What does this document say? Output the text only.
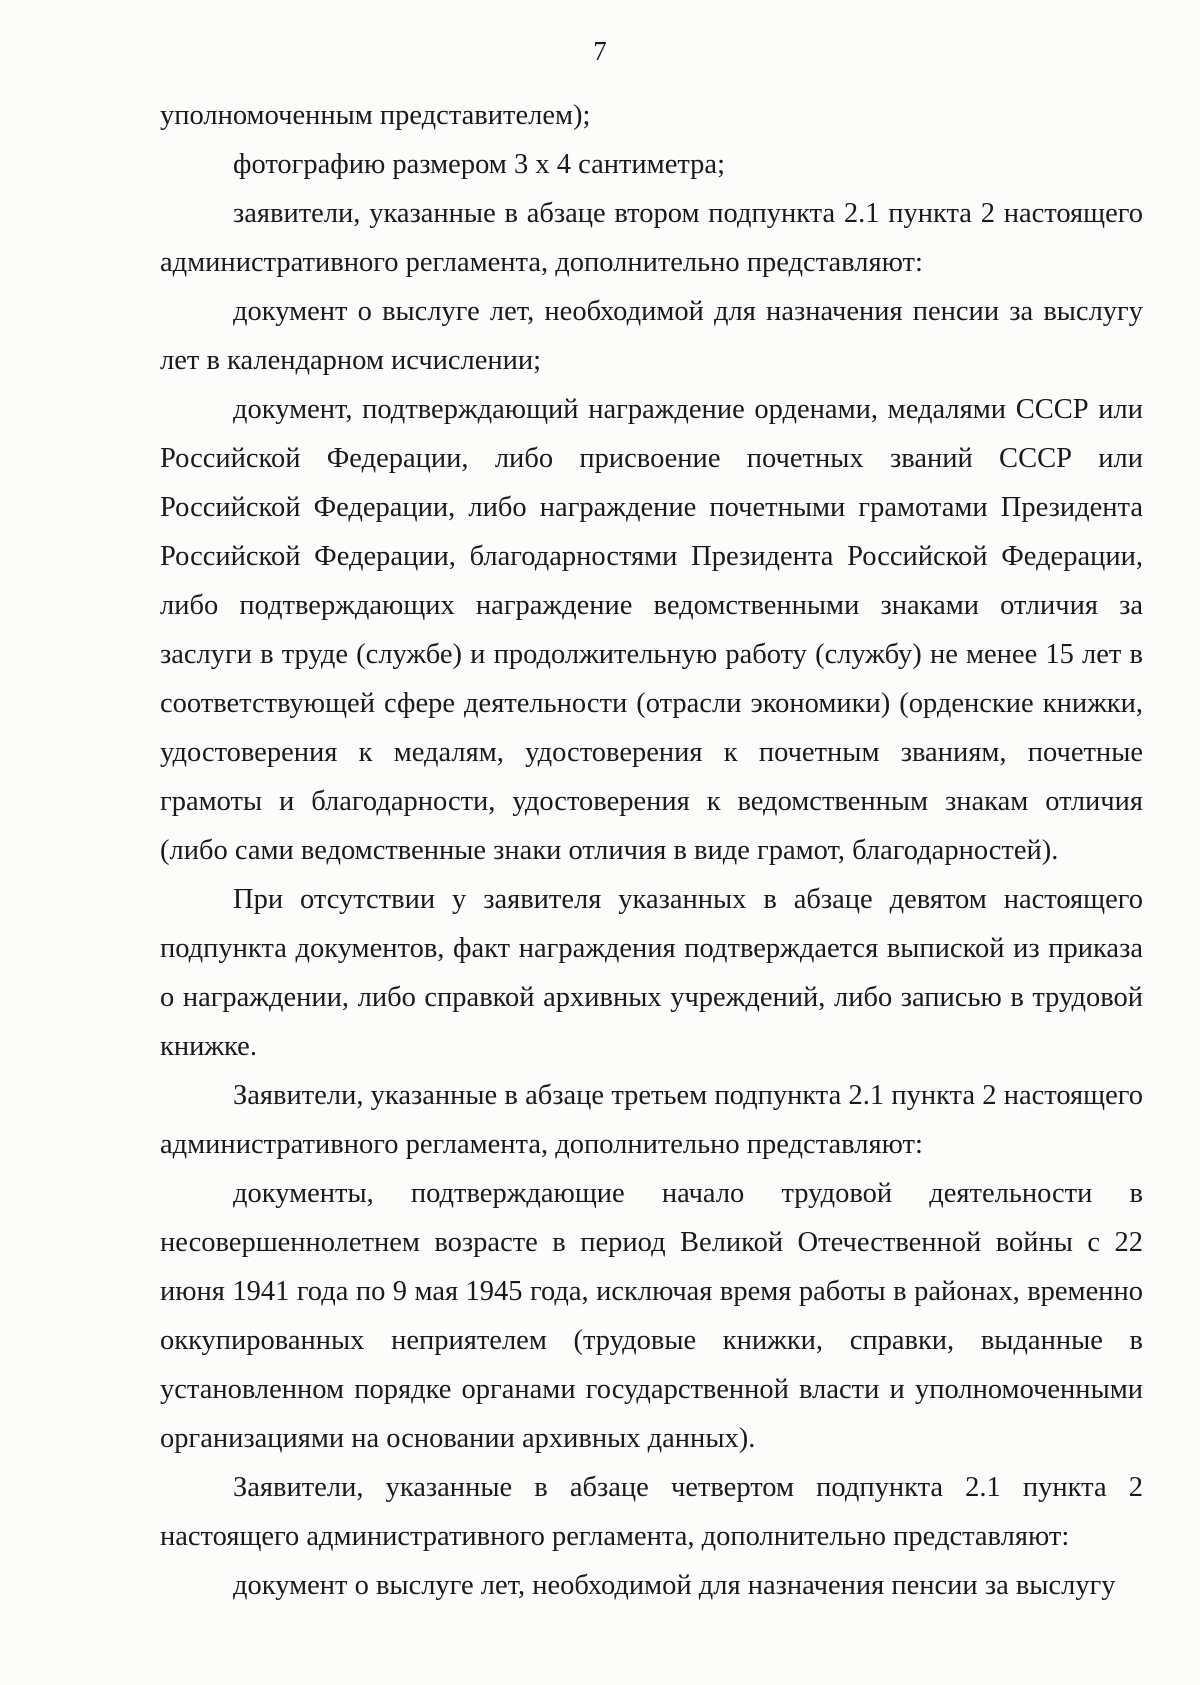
7

уполномоченным представителем);

фотографию размером 3 х 4 сантиметра;

заявители, указанные в абзаце втором подпункта 2.1 пункта 2 настоящего административного регламента, дополнительно представляют:

документ о выслуге лет, необходимой для назначения пенсии за выслугу лет в календарном исчислении;

документ, подтверждающий награждение орденами, медалями СССР или Российской Федерации, либо присвоение почетных званий СССР или Российской Федерации, либо награждение почетными грамотами Президента Российской Федерации, благодарностями Президента Российской Федерации, либо подтверждающих награждение ведомственными знаками отличия за заслуги в труде (службе) и продолжительную работу (службу) не менее 15 лет в соответствующей сфере деятельности (отрасли экономики) (орденские книжки, удостоверения к медалям, удостоверения к почетным званиям, почетные грамоты и благодарности, удостоверения к ведомственным знакам отличия (либо сами ведомственные знаки отличия в виде грамот, благодарностей).

При отсутствии у заявителя указанных в абзаце девятом настоящего подпункта документов, факт награждения подтверждается выпиской из приказа о награждении, либо справкой архивных учреждений, либо записью в трудовой книжке.

Заявители, указанные в абзаце третьем подпункта 2.1 пункта 2 настоящего административного регламента, дополнительно представляют:

документы, подтверждающие начало трудовой деятельности в несовершеннолетнем возрасте в период Великой Отечественной войны с 22 июня 1941 года по 9 мая 1945 года, исключая время работы в районах, временно оккупированных неприятелем (трудовые книжки, справки, выданные в установленном порядке органами государственной власти и уполномоченными организациями на основании архивных данных).

Заявители, указанные в абзаце четвертом подпункта 2.1 пункта 2 настоящего административного регламента, дополнительно представляют:

документ о выслуге лет, необходимой для назначения пенсии за выслугу
